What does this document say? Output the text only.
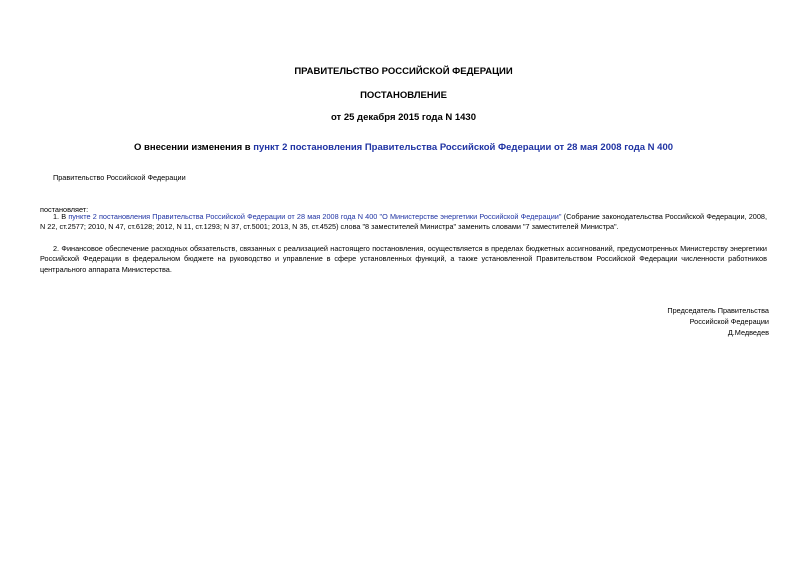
ПРАВИТЕЛЬСТВО РОССИЙСКОЙ ФЕДЕРАЦИИ
ПОСТАНОВЛЕНИЕ
от 25 декабря 2015 года N 1430
О внесении изменения в пункт 2 постановления Правительства Российской Федерации от 28 мая 2008 года N 400
Правительство Российской Федерации
постановляет:
1. В пункте 2 постановления Правительства Российской Федерации от 28 мая 2008 года N 400 "О Министерстве энергетики Российской Федерации" (Собрание законодательства Российской Федерации, 2008, N 22, ст.2577; 2010, N 47, ст.6128; 2012, N 11, ст.1293; N 37, ст.5001; 2013, N 35, ст.4525) слова "8 заместителей Министра" заменить словами "7 заместителей Министра".
2. Финансовое обеспечение расходных обязательств, связанных с реализацией настоящего постановления, осуществляется в пределах бюджетных ассигнований, предусмотренных Министерству энергетики Российской Федерации в федеральном бюджете на руководство и управление в сфере установленных функций, а также установленной Правительством Российской Федерации численности работников центрального аппарата Министерства.
Председатель Правительства
Российской Федерации
Д.Медведев
